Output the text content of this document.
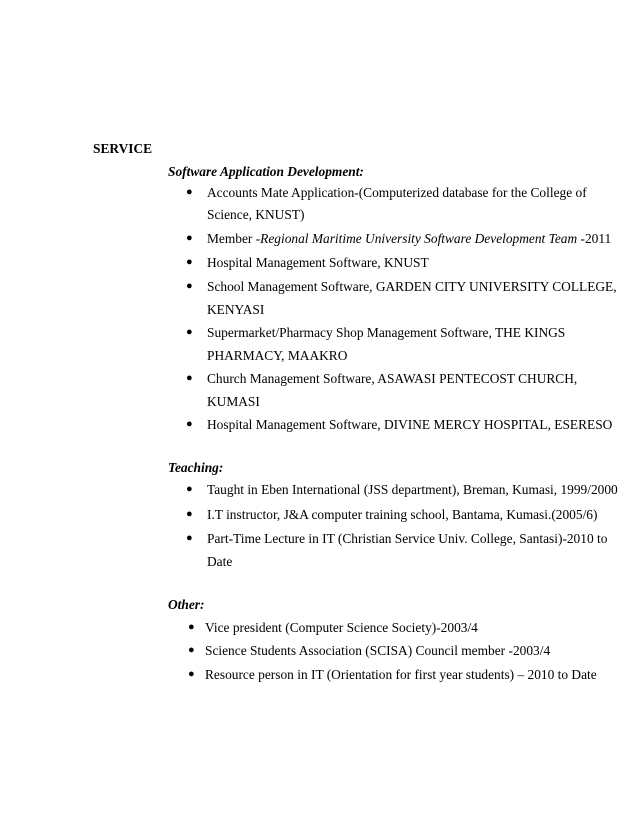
SERVICE
Software Application Development:
● Accounts Mate Application-(Computerized database for the College of
Science, KNUST)
● Member -Regional Maritime University Software Development Team -2011
● Hospital Management Software, KNUST
● School Management Software, GARDEN CITY UNIVERSITY COLLEGE,
KENYASI
● Supermarket/Pharmacy Shop Management Software, THE KINGS
PHARMACY, MAAKRO
● Church Management Software, ASAWASI PENTECOST CHURCH,
KUMASI
● Hospital Management Software, DIVINE MERCY HOSPITAL, ESERESO
Teaching:
● Taught in Eben International (JSS department), Breman, Kumasi, 1999/2000
● I.T instructor, J&A computer training school, Bantama, Kumasi.(2005/6)
● Part-Time Lecture in IT (Christian Service Univ. College, Santasi)-2010 to
Date
Other:
● Vice president (Computer Science Society)-2003/4
● Science Students Association (SCISA) Council member -2003/4
● Resource person in IT (Orientation for first year students) – 2010 to Date
